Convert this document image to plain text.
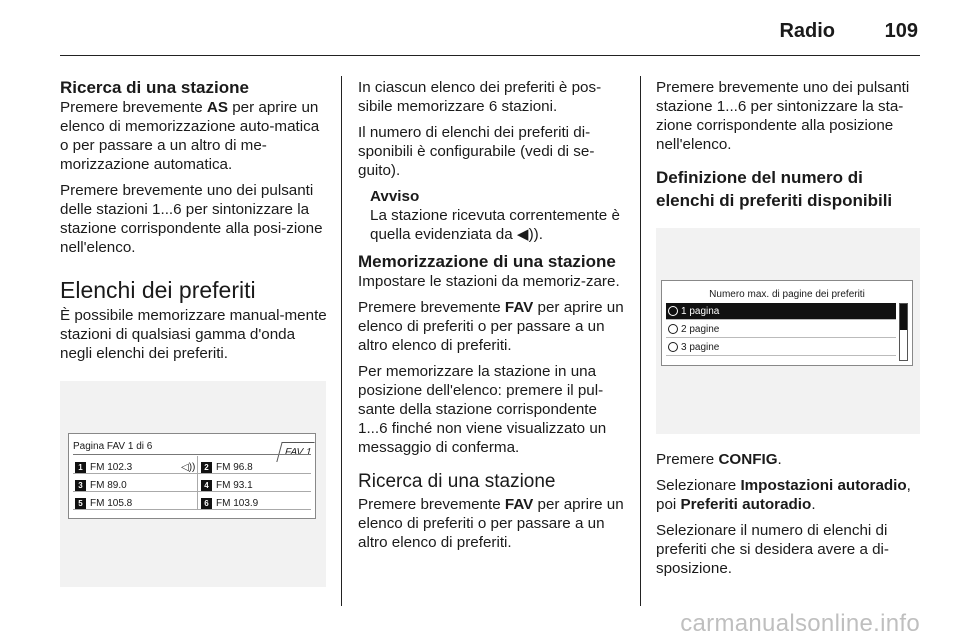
Radio 109
Ricerca di una stazione

Premere brevemente AS per aprire un elenco di memorizzazione auto-matica o per passare a un altro di me-morizzazione automatica.

Premere brevemente uno dei pulsanti delle stazioni 1...6 per sintonizzare la stazione corrispondente alla posi-zione nell'elenco.

Elenchi dei preferiti

È possibile memorizzare manual-mente stazioni di qualsiasi gamma d'onda negli elenchi dei preferiti.

Pagina FAV 1 di 6
FAV 1
1 FM 102.3	◁))	2 FM 96.8
3 FM 89.0	4 FM 93.1
5 FM 105.8	6 FM 103.9

In ciascun elenco dei preferiti è pos-sibile memorizzare 6 stazioni.

Il numero di elenchi dei preferiti di-sponibili è configurabile (vedi di se-guito).

Avviso
La stazione ricevuta correntemente è quella evidenziata da ◀)).
Memorizzazione di una stazione

Impostare le stazioni da memoriz-zare.

Premere brevemente FAV per aprire un elenco di preferiti o per passare a un altro elenco di preferiti.

Per memorizzare la stazione in una posizione dell'elenco: premere il pul-sante della stazione corrispondente 1...6 finché non viene visualizzato un messaggio di conferma.

Ricerca di una stazione

Premere brevemente FAV per aprire un elenco di preferiti o per passare a un altro elenco di preferiti.

Premere brevemente uno dei pulsanti stazione 1...6 per sintonizzare la sta-zione corrispondente alla posizione nell'elenco.

Definizione del numero di elenchi di preferiti disponibili
Numero max. di pagine dei preferiti
1 pagina
2 pagine
3 pagine

Premere CONFIG.

Selezionare Impostazioni autoradio, poi Preferiti autoradio.

Selezionare il numero di elenchi di preferiti che si desidera avere a di-sposizione.

carmanualsonline.info
